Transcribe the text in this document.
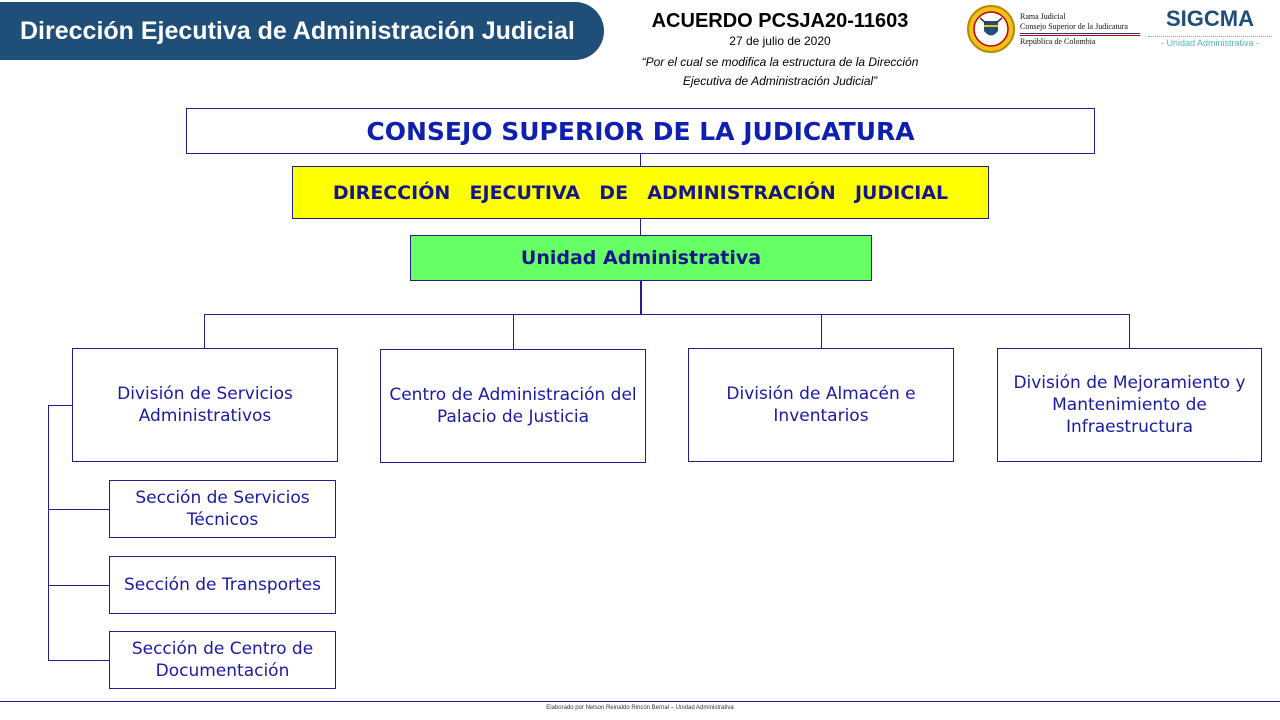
Dirección Ejecutiva de Administración Judicial	ACUERDO PCSJA20-11603
27 de julio de 2020
“Por el cual se modifica la estructura de la Dirección Ejecutiva de Administración Judicial”
Rama Judicial
Consejo Superior de la Judicatura
República de Colombia
SIGCMA
- Unidad Administrativa -
CONSEJO SUPERIOR DE LA JUDICATURA
DIRECCIÓN  EJECUTIVA  DE  ADMINISTRACIÓN  JUDICIAL
Unidad Administrativa
División de Servicios Administrativos
Centro de Administración del Palacio de Justicia
División de Almacén e Inventarios
División de Mejoramiento y Mantenimiento de Infraestructura
Sección de Servicios Técnicos
Sección de Transportes
Sección de Centro de Documentación
Elaborado por Nelson Reinaldo Rincón Bernal – Unidad Administrativa
